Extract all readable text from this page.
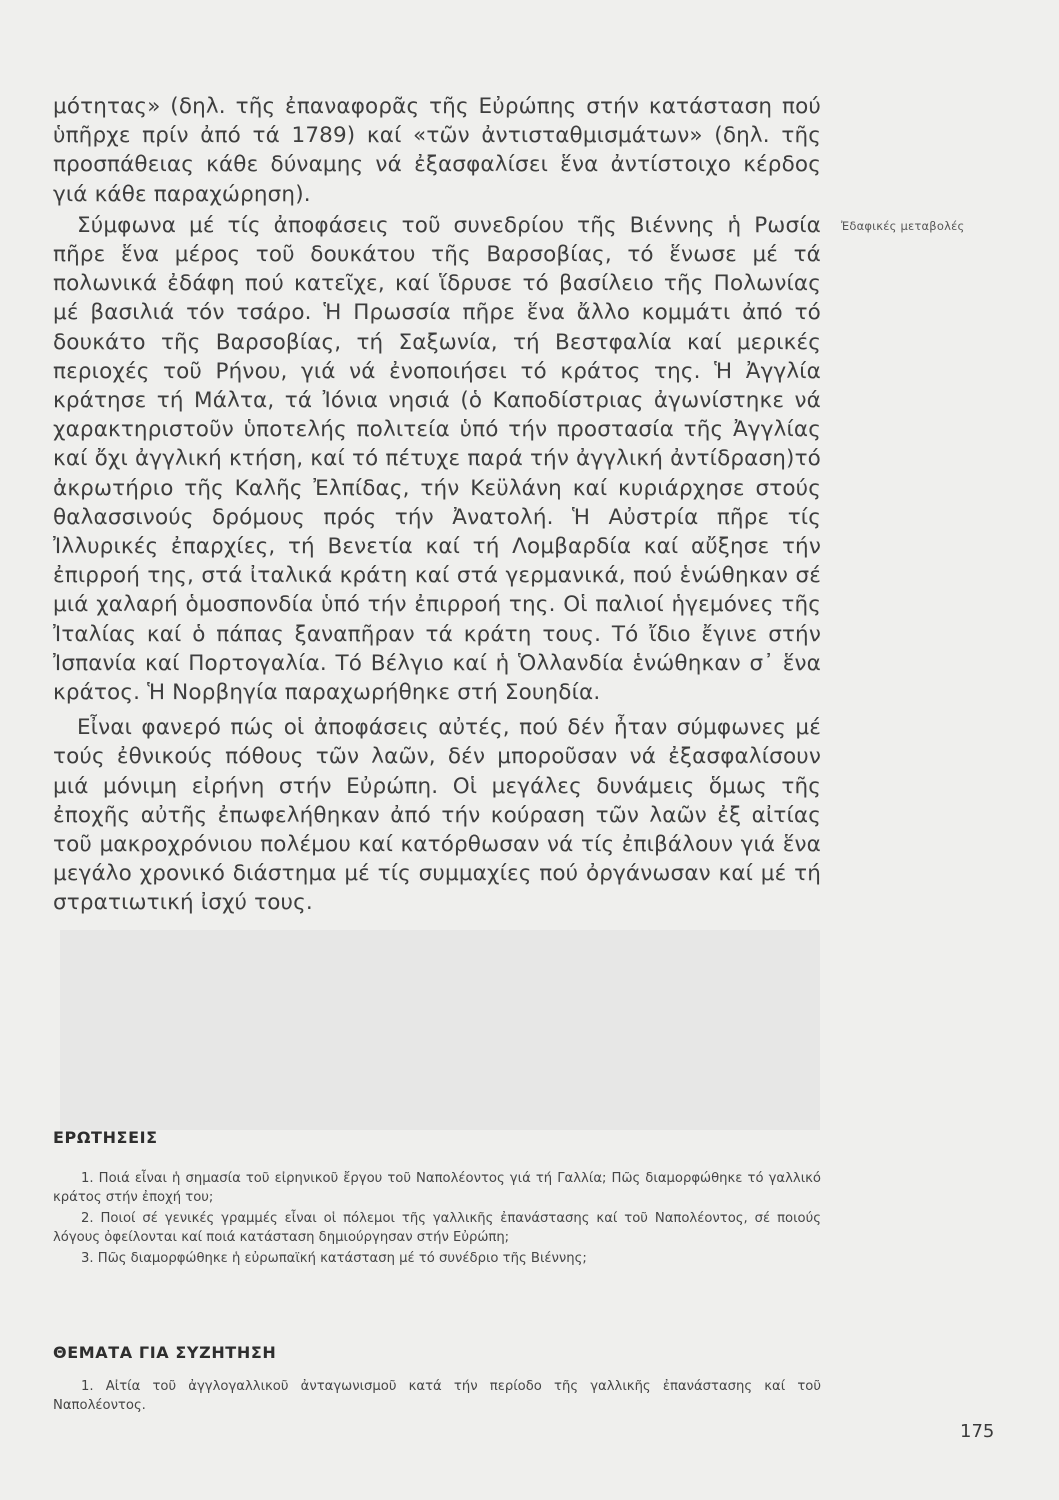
μότητας» (δηλ. τῆς ἐπαναφορᾶς τῆς Εὐρώπης στήν κατάσταση πού ὑπῆρχε πρίν ἀπό τά 1789) καί «τῶν ἀντισταθμισμάτων» (δηλ. τῆς προσπάθειας κάθε δύναμης νά ἐξασφαλίσει ἕνα ἀντίστοιχο κέρδος γιά κάθε παραχώρηση).

Σύμφωνα μέ τίς ἀποφάσεις τοῦ συνεδρίου τῆς Βιέννης ἡ Ρωσία πῆρε ἕνα μέρος τοῦ δουκάτου τῆς Βαρσοβίας, τό ἕνωσε μέ τά πολωνικά ἐδάφη πού κατεῖχε, καί ἵδρυσε τό βασίλειο τῆς Πολωνίας μέ βασιλιά τόν τσάρο. Ἡ Πρωσσία πῆρε ἕνα ἄλλο κομμάτι ἀπό τό δουκάτο τῆς Βαρσοβίας, τή Σαξωνία, τή Βεστφαλία καί μερικές περιοχές τοῦ Ρήνου, γιά νά ἐνοποιήσει τό κράτος της. Ἡ Ἀγγλία κράτησε τή Μάλτα, τά Ἰόνια νησιά (ὁ Καποδίστριας ἀγωνίστηκε νά χαρακτηριστοῦν ὑποτελής πολιτεία ὑπό τήν προστασία τῆς Ἀγγλίας καί ὄχι ἀγγλική κτήση, καί τό πέτυχε παρά τήν ἀγγλική ἀντίδραση)τό ἀκρωτήριο τῆς Καλῆς Ἐλπίδας, τήν Κεϋλάνη καί κυριάρχησε στούς θαλασσινούς δρόμους πρός τήν Ἀνατολή. Ἡ Αὐστρία πῆρε τίς Ἰλλυρικές ἐπαρχίες, τή Βενετία καί τή Λομβαρδία καί αὔξησε τήν ἐπιρροή της, στά ἰταλικά κράτη καί στά γερμανικά, πού ἑνώθηκαν σέ μιά χαλαρή ὁμοσπονδία ὑπό τήν ἐπιρροή της. Οἱ παλιοί ἡγεμόνες τῆς Ἰταλίας καί ὁ πάπας ξαναπῆραν τά κράτη τους. Τό ἴδιο ἔγινε στήν Ἰσπανία καί Πορτογαλία. Τό Βέλγιο καί ἡ Ὁλλανδία ἑνώθηκαν σ᾽ ἕνα κράτος. Ἡ Νορβηγία παραχωρήθηκε στή Σουηδία.

Εἶναι φανερό πώς οἱ ἀποφάσεις αὐτές, πού δέν ἦταν σύμφωνες μέ τούς ἐθνικούς πόθους τῶν λαῶν, δέν μποροῦσαν νά ἐξασφαλίσουν μιά μόνιμη εἰρήνη στήν Εὐρώπη. Οἱ μεγάλες δυνάμεις ὅμως τῆς ἐποχῆς αὐτῆς ἐπωφελήθηκαν ἀπό τήν κούραση τῶν λαῶν ἐξ αἰτίας τοῦ μακροχρόνιου πολέμου καί κατόρθωσαν νά τίς ἐπιβάλουν γιά ἕνα μεγάλο χρονικό διάστημα μέ τίς συμμαχίες πού ὀργάνωσαν καί μέ τή στρατιωτική ἰσχύ τους.

Ἐδαφικές μεταβολές
ΕΡΩΤΗΣΕΙΣ
1. Ποιά εἶναι ἡ σημασία τοῦ εἰρηνικοῦ ἔργου τοῦ Ναπολέοντος γιά τή Γαλλία; Πῶς διαμορφώθηκε τό γαλλικό κράτος στήν ἐποχή του;
2. Ποιοί σέ γενικές γραμμές εἶναι οἱ πόλεμοι τῆς γαλλικῆς ἐπανάστασης καί τοῦ Ναπολέοντος, σέ ποιούς λόγους ὀφείλονται καί ποιά κατάσταση δημιούργησαν στήν Εὐρώπη;
3. Πῶς διαμορφώθηκε ἡ εὐρωπαϊκή κατάσταση μέ τό συνέδριο τῆς Βιέννης;
ΘΕΜΑΤΑ ΓΙΑ ΣΥΖΗΤΗΣΗ
1. Αἰτία τοῦ ἀγγλογαλλικοῦ ἀνταγωνισμοῦ κατά τήν περίοδο τῆς γαλλικῆς ἐπανάστασης καί τοῦ Ναπολέοντος.
175
